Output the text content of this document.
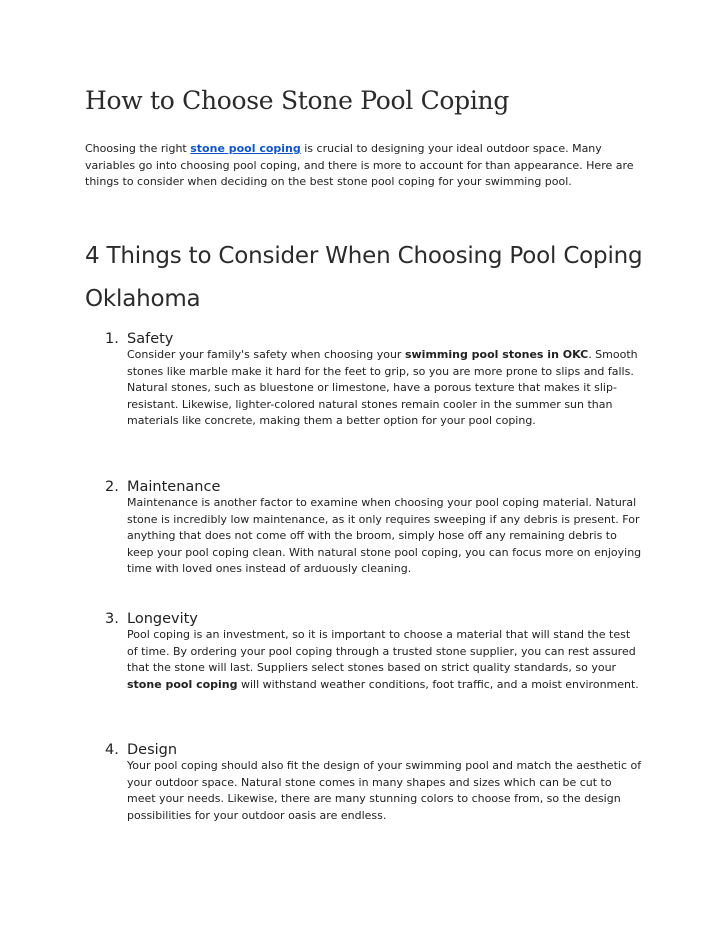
How to Choose Stone Pool Coping

Choosing the right stone pool coping is crucial to designing your ideal outdoor space. Many variables go into choosing pool coping, and there is more to account for than appearance. Here are things to consider when deciding on the best stone pool coping for your swimming pool.

4 Things to Consider When Choosing Pool Coping Oklahoma
1. Safety

Consider your family's safety when choosing your swimming pool stones in OKC. Smooth stones like marble make it hard for the feet to grip, so you are more prone to slips and falls. Natural stones, such as bluestone or limestone, have a porous texture that makes it slip-resistant. Likewise, lighter-colored natural stones remain cooler in the summer sun than materials like concrete, making them a better option for your pool coping.

2. Maintenance

Maintenance is another factor to examine when choosing your pool coping material. Natural stone is incredibly low maintenance, as it only requires sweeping if any debris is present. For anything that does not come off with the broom, simply hose off any remaining debris to keep your pool coping clean. With natural stone pool coping, you can focus more on enjoying time with loved ones instead of arduously cleaning.

3. Longevity

Pool coping is an investment, so it is important to choose a material that will stand the test of time. By ordering your pool coping through a trusted stone supplier, you can rest assured that the stone will last. Suppliers select stones based on strict quality standards, so your stone pool coping will withstand weather conditions, foot traffic, and a moist environment.

4. Design

Your pool coping should also fit the design of your swimming pool and match the aesthetic of your outdoor space. Natural stone comes in many shapes and sizes which can be cut to meet your needs. Likewise, there are many stunning colors to choose from, so the design possibilities for your outdoor oasis are endless.
